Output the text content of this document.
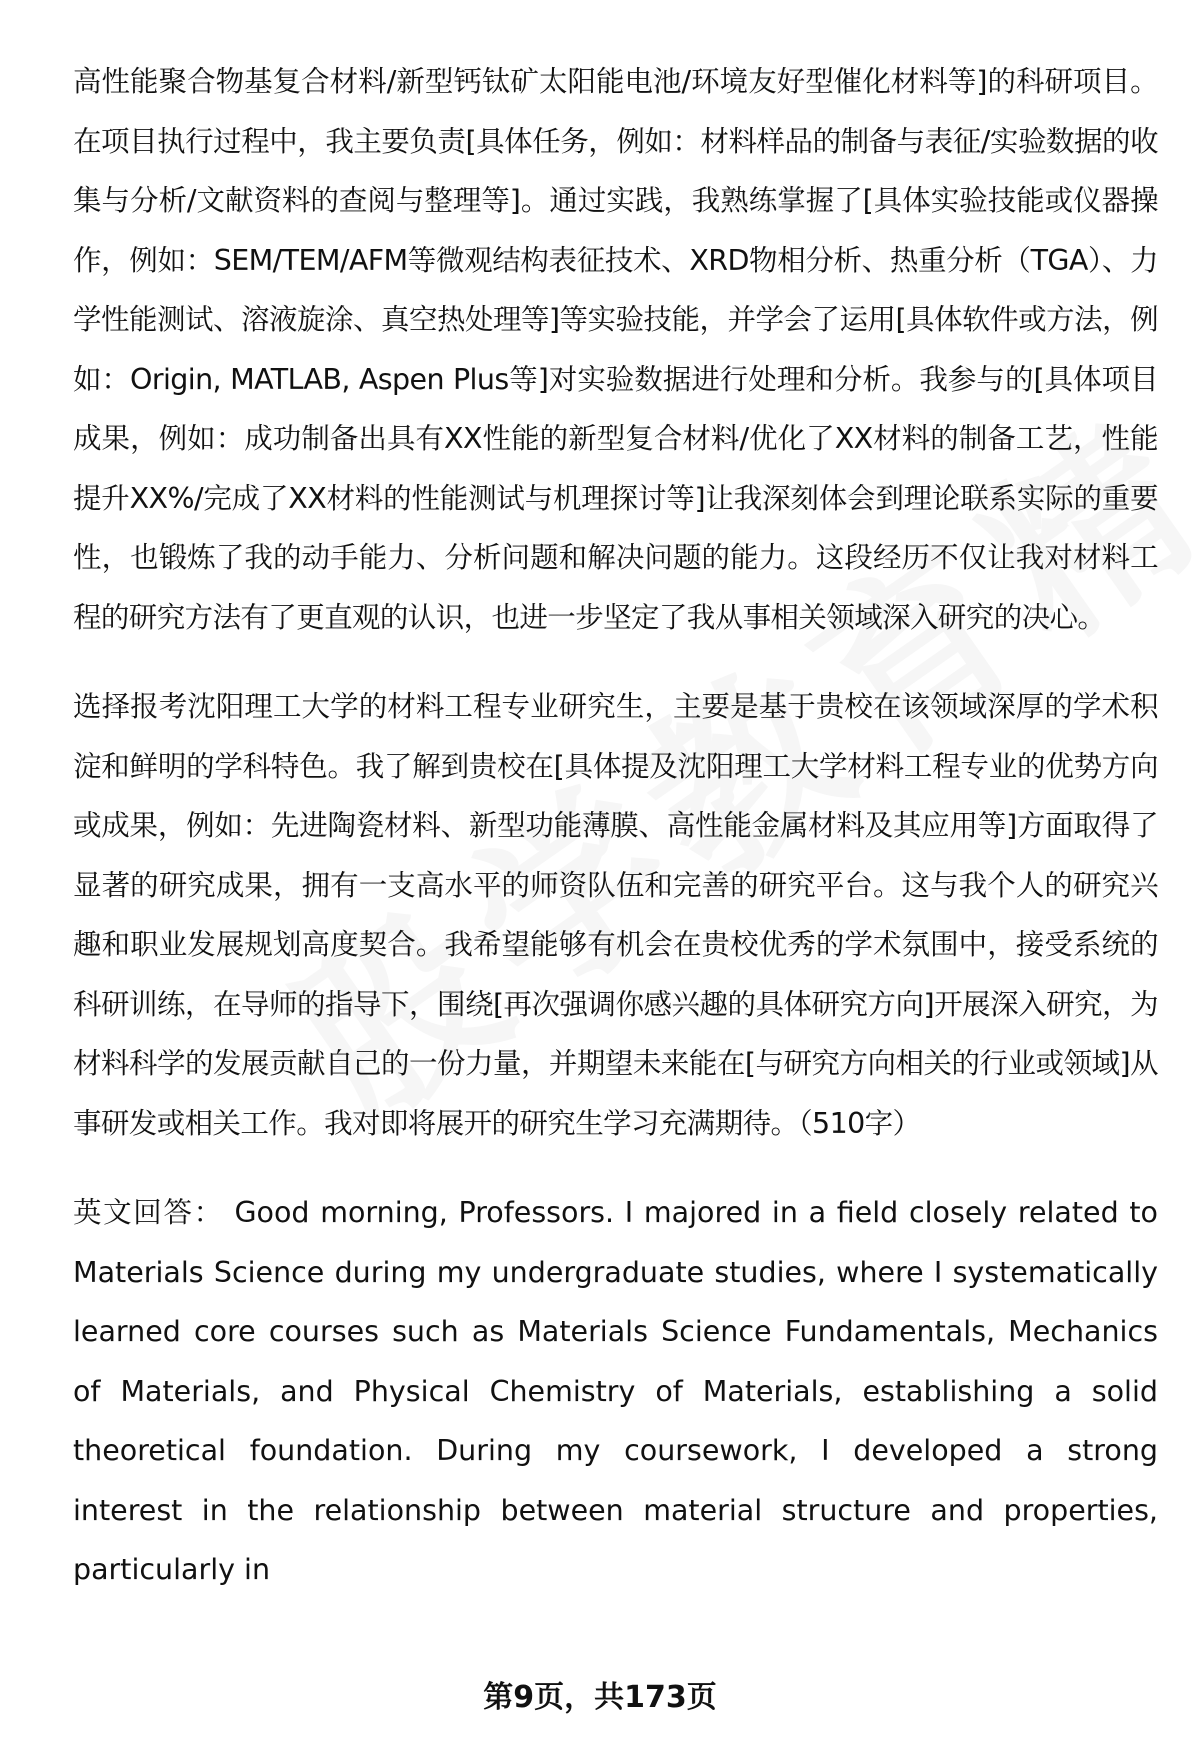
高性能聚合物基复合材料/新型钙钛矿太阳能电池/环境友好型催化材料等]的科研项目。在项目执行过程中，我主要负责[具体任务，例如：材料样品的制备与表征/实验数据的收集与分析/文献资料的查阅与整理等]。通过实践，我熟练掌握了[具体实验技能或仪器操作，例如：SEM/TEM/AFM等微观结构表征技术、XRD物相分析、热重分析（TGA）、力学性能测试、溶液旋涂、真空热处理等]等实验技能，并学会了运用[具体软件或方法，例如：Origin, MATLAB, Aspen Plus等]对实验数据进行处理和分析。我参与的[具体项目成果，例如：成功制备出具有XX性能的新型复合材料/优化了XX材料的制备工艺，性能提升XX%/完成了XX材料的性能测试与机理探讨等]让我深刻体会到理论联系实际的重要性，也锻炼了我的动手能力、分析问题和解决问题的能力。这段经历不仅让我对材料工程的研究方法有了更直观的认识，也进一步坚定了我从事相关领域深入研究的决心。

选择报考沈阳理工大学的材料工程专业研究生，主要是基于贵校在该领域深厚的学术积淀和鲜明的学科特色。我了解到贵校在[具体提及沈阳理工大学材料工程专业的优势方向或成果，例如：先进陶瓷材料、新型功能薄膜、高性能金属材料及其应用等]方面取得了显著的研究成果，拥有一支高水平的师资队伍和完善的研究平台。这与我个人的研究兴趣和职业发展规划高度契合。我希望能够有机会在贵校优秀的学术氛围中，接受系统的科研训练，在导师的指导下，围绕[再次强调你感兴趣的具体研究方向]开展深入研究，为材料科学的发展贡献自己的一份力量，并期望未来能在[与研究方向相关的行业或领域]从事研发或相关工作。我对即将展开的研究生学习充满期待。（510字）

英文回答： Good morning, Professors. I majored in a field closely related to Materials Science during my undergraduate studies, where I systematically learned core courses such as Materials Science Fundamentals, Mechanics of Materials, and Physical Chemistry of Materials, establishing a solid theoretical foundation. During my coursework, I developed a strong interest in the relationship between material structure and properties, particularly in

第9页，共173页
